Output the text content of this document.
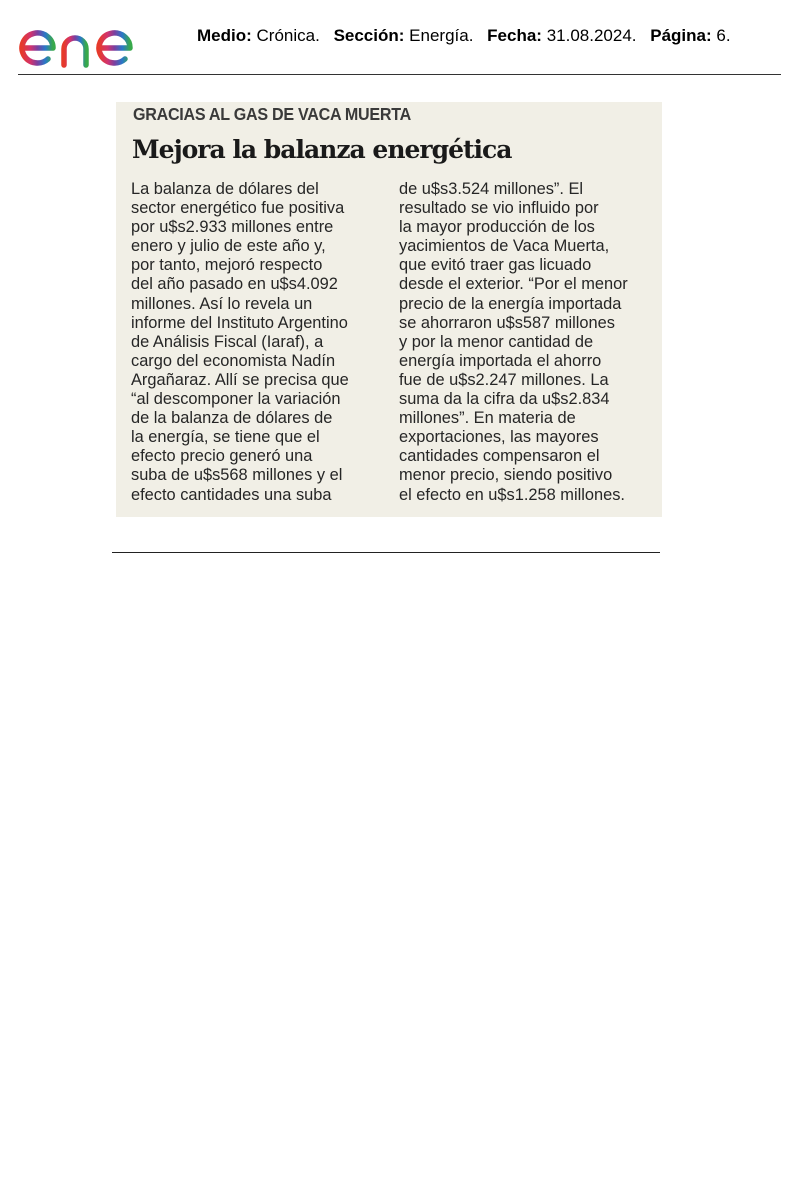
Medio: Crónica. Sección: Energía. Fecha: 31.08.2024. Página: 6.
GRACIAS AL GAS DE VACA MUERTA
Mejora la balanza energética
La balanza de dólares del
sector energético fue positiva
por u$s2.933 millones entre
enero y julio de este año y,
por tanto, mejoró respecto
del año pasado en u$s4.092
millones. Así lo revela un
informe del Instituto Argentino
de Análisis Fiscal (Iaraf), a
cargo del economista Nadín
Argañaraz. Allí se precisa que
“al descomponer la variación
de la balanza de dólares de
la energía, se tiene que el
efecto precio generó una
suba de u$s568 millones y el
efecto cantidades una suba
de u$s3.524 millones”. El
resultado se vio influido por
la mayor producción de los
yacimientos de Vaca Muerta,
que evitó traer gas licuado
desde el exterior. “Por el menor
precio de la energía importada
se ahorraron u$s587 millones
y por la menor cantidad de
energía importada el ahorro
fue de u$s2.247 millones. La
suma da la cifra da u$s2.834
millones”. En materia de
exportaciones, las mayores
cantidades compensaron el
menor precio, siendo positivo
el efecto en u$s1.258 millones.
